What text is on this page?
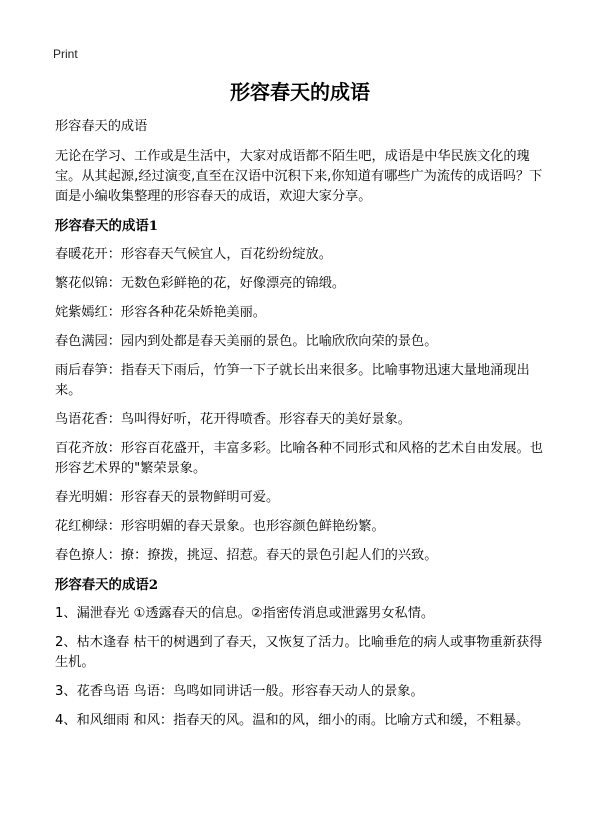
Print
形容春天的成语

形容春天的成语

无论在学习、工作或是生活中，大家对成语都不陌生吧，成语是中华民族文化的瑰宝。从其起源,经过演变,直至在汉语中沉积下来,你知道有哪些广为流传的成语吗？下面是小编收集整理的形容春天的成语，欢迎大家分享。

形容春天的成语1

春暖花开：形容春天气候宜人，百花纷纷绽放。

繁花似锦：无数色彩鲜艳的花，好像漂亮的锦缎。

姹紫嫣红：形容各种花朵娇艳美丽。

春色满园：园内到处都是春天美丽的景色。比喻欣欣向荣的景色。

雨后春笋：指春天下雨后，竹笋一下子就长出来很多。比喻事物迅速大量地涌现出来。

鸟语花香：鸟叫得好听，花开得喷香。形容春天的美好景象。

百花齐放：形容百花盛开，丰富多彩。比喻各种不同形式和风格的艺术自由发展。也形容艺术界的"繁荣景象。

春光明媚：形容春天的景物鲜明可爱。

花红柳绿：形容明媚的春天景象。也形容颜色鲜艳纷繁。

春色撩人：撩：撩拨，挑逗、招惹。春天的景色引起人们的兴致。

形容春天的成语2

1、漏泄春光 ①透露春天的信息。②指密传消息或泄露男女私情。

2、枯木逢春 枯干的树遇到了春天，又恢复了活力。比喻垂危的病人或事物重新获得生机。

3、花香鸟语 鸟语：鸟鸣如同讲话一般。形容春天动人的景象。

4、和风细雨 和风：指春天的风。温和的风，细小的雨。比喻方式和缓，不粗暴。
